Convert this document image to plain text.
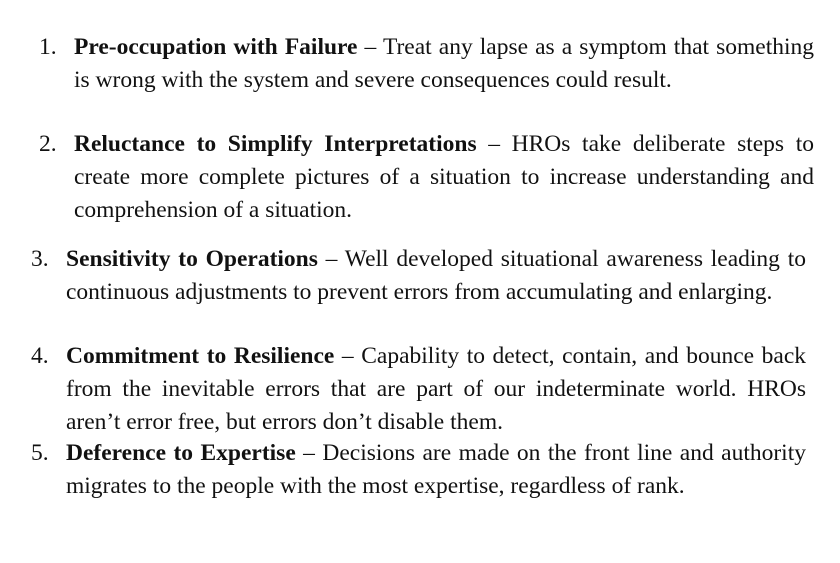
1. Pre-occupation with Failure – Treat any lapse as a symptom that something is wrong with the system and severe consequences could result.
2. Reluctance to Simplify Interpretations – HROs take deliberate steps to create more complete pictures of a situation to increase understanding and comprehension of a situation.
3. Sensitivity to Operations – Well developed situational awareness leading to continuous adjustments to prevent errors from accumulating and enlarging.
4. Commitment to Resilience – Capability to detect, contain, and bounce back from the inevitable errors that are part of our indeterminate world. HROs aren’t error free, but errors don’t disable them.
5. Deference to Expertise – Decisions are made on the front line and authority migrates to the people with the most expertise, regardless of rank.
